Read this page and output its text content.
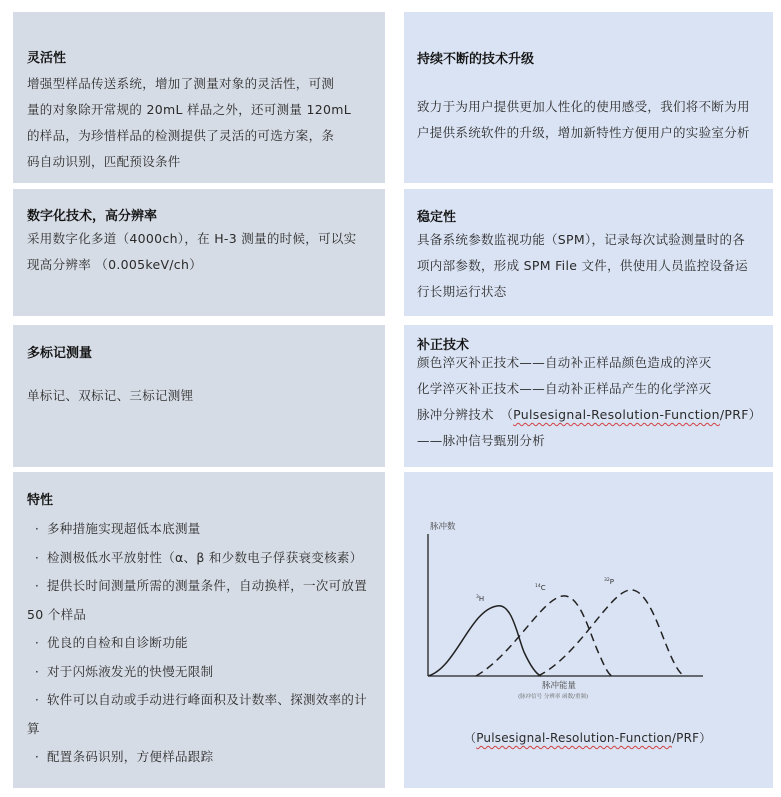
灵活性
增强型样品传送系统，增加了测量对象的灵活性，可测
量的对象除开常规的 20mL 样品之外，还可测量 120mL
的样品，为珍惜样品的检测提供了灵活的可选方案，条
码自动识别，匹配预设条件
持续不断的技术升级
致力于为用户提供更加人性化的使用感受，我们将不断为用
户提供系统软件的升级，增加新特性方便用户的实验室分析
数字化技术，高分辨率
采用数字化多道（4000ch），在 H-3 测量的时候，可以实
现高分辨率 （0.005keV/ch）
稳定性
具备系统参数监视功能（SPM），记录每次试验测量时的各
项内部参数，形成 SPM File 文件，供使用人员监控设备运
行长期运行状态
多标记测量
单标记、双标记、三标记测锂
补正技术
颜色淬灭补正技术——自动补正样品颜色造成的淬灭
化学淬灭补正技术——自动补正样品产生的化学淬灭
脉冲分辨技术　（Pulsesignal-Resolution-Function/PRF）
——脉冲信号甄别分析
特性
· 多种措施实现超低本底测量
· 检测极低水平放射性（α、β 和少数电子俘获衰变核素）
· 提供长时间测量所需的测量条件，自动换样，一次可放置 50 个样品
· 优良的自检和自诊断功能
· 对于闪烁液发光的快慢无限制
· 软件可以自动或手动进行峰面积及计数率、探测效率的计算
· 配置条码识别，方便样品跟踪
脉冲数
脉冲能量
(脉冲信号 分辨率 函数/重频)
3H
14C
32P
（Pulsesignal-Resolution-Function/PRF）
